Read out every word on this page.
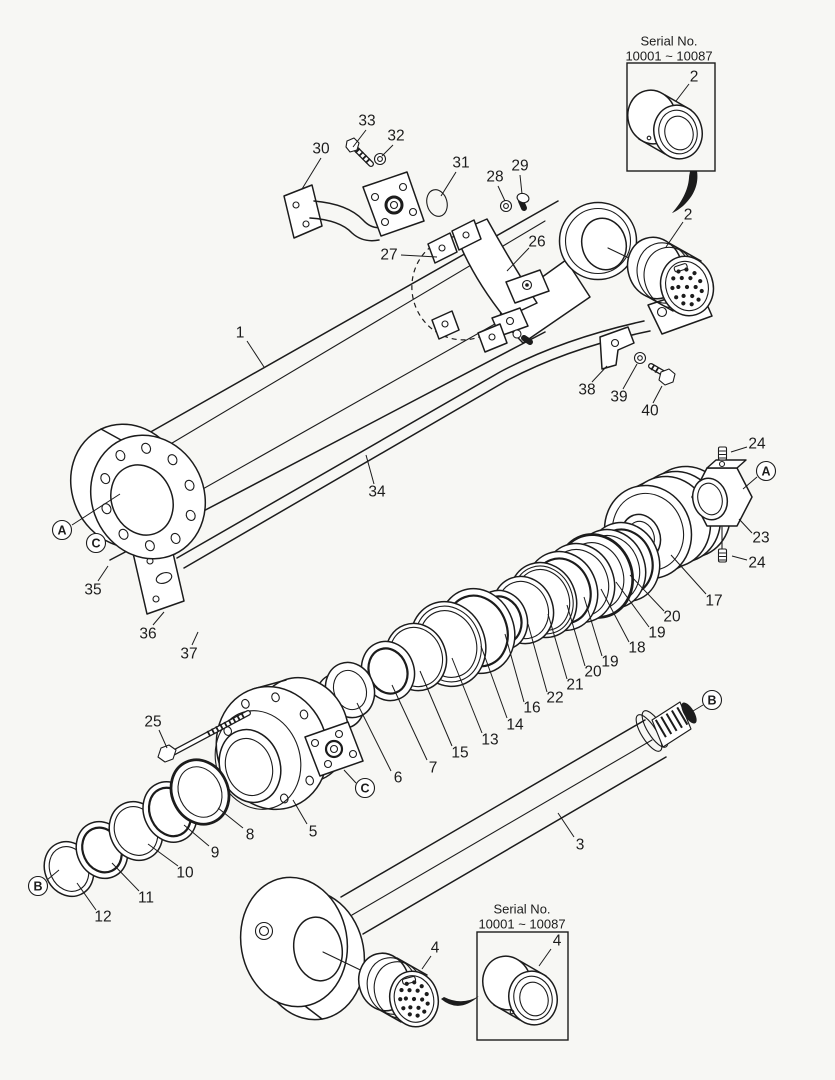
Serial No.
10001 ~ 10087
Serial No.
10001 ~ 10087
33
32
30
31	29
28
27
26
2
2
38 39
40
1
34
35
36
37
25
24
23
24
17
20
19
18
19
20
21
22
16
14
13
15
7
6
5
8
9
10
11
12
3
4	4
A
C
A
B
B
C
